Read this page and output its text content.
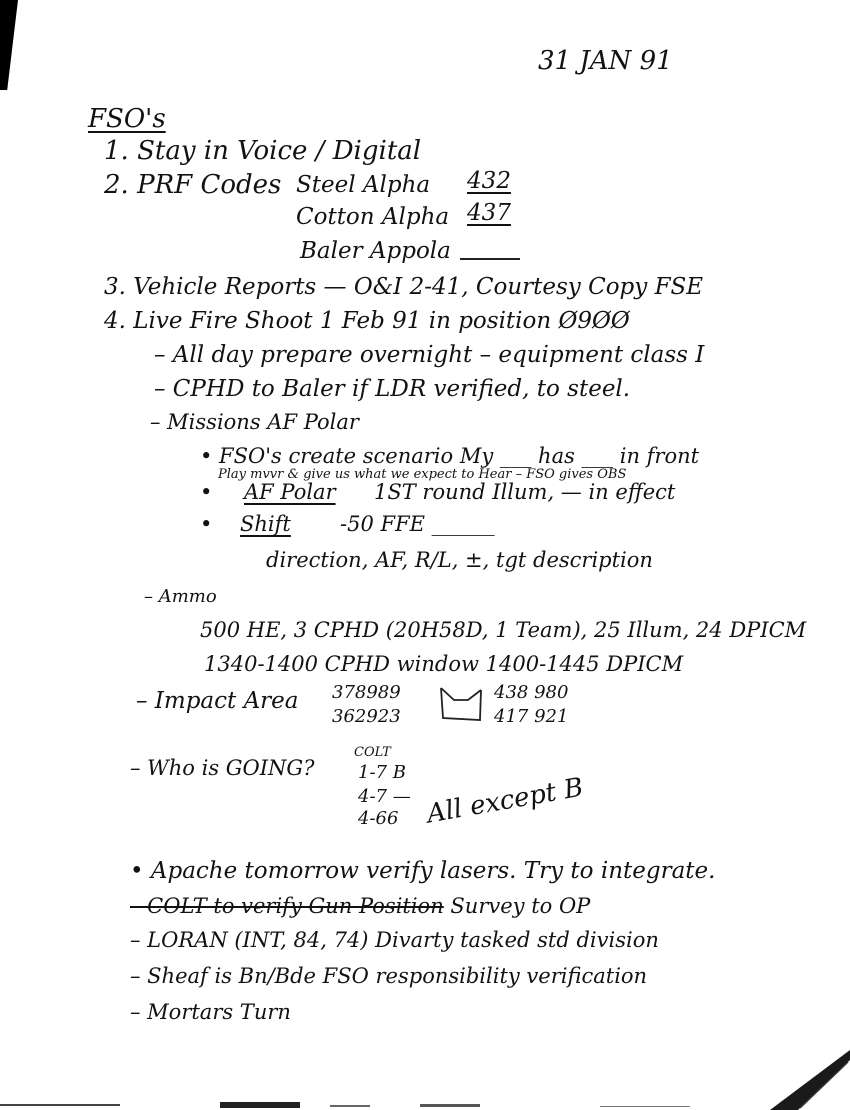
31 JAN 91
FSO's
1. Stay in Voice / Digital
2. PRF Codes Steel Alpha	432
Cotton Alpha 437
Baler Appola
3. Vehicle Reports — O&I 2-41, Courtesy Copy FSE
4. Live Fire Shoot 1 Feb 91 in position Ø9ØØ
– All day prepare overnight – equipment class I
– CPHD to Baler if LDR verified, to steel.
– Missions AF Polar
• FSO's create scenario My ___ has ___ in front
Play mvvr & give us what we expect to Hear – FSO gives OBS
• AF Polar 1ST round Illum, — in effect
• Shift -50 FFE ______
direction, AF, R/L, ±, tgt description
– Ammo
500 HE, 3 CPHD (20H58D, 1 Team), 25 Illum, 24 DPICM
1340-1400 CPHD window 1400-1445 DPICM
– Impact Area 378989
362923
438 980
417 921
– Who is GOING?
COLT
1-7 B
4-7 —
4-66 All except B
• Apache tomorrow verify lasers. Try to integrate.
– COLT to verify Gun Position Survey to OP
– LORAN (INT, 84, 74) Divarty tasked std division
– Sheaf is Bn/Bde FSO responsibility verification
– Mortars Turn
